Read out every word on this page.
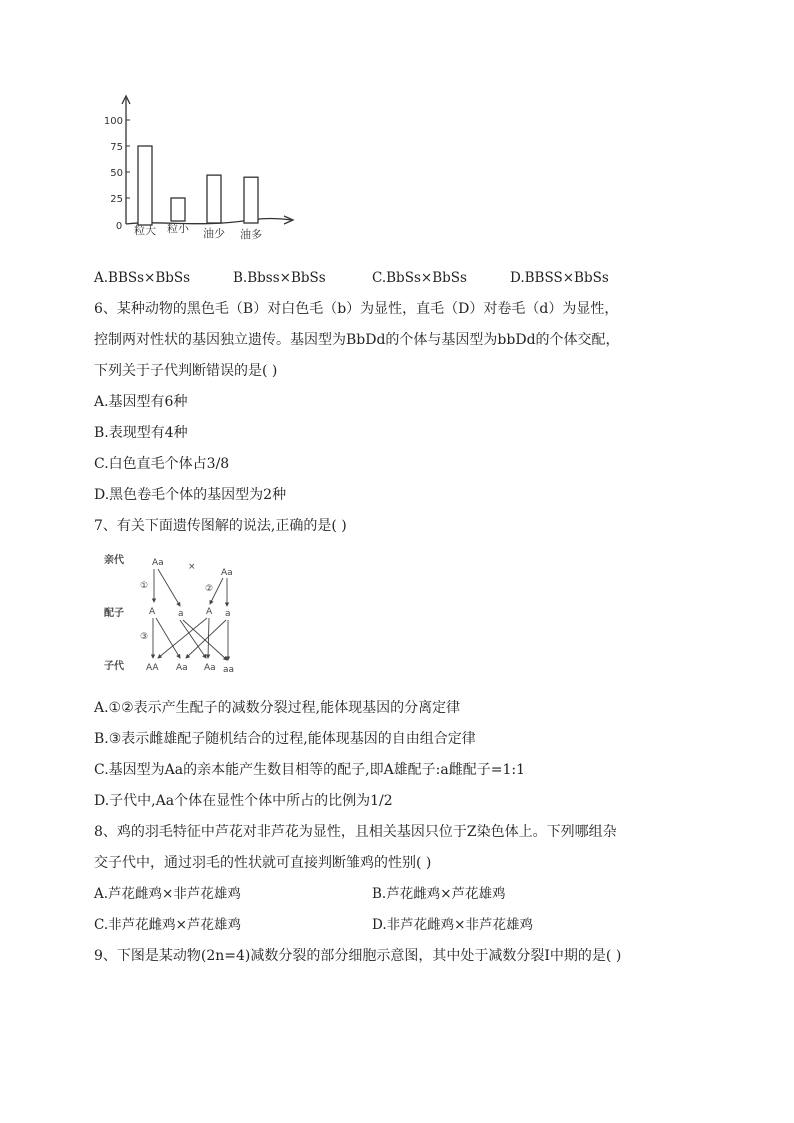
100
75
50
25
粒大 粒小 油少 油多
0
A.BBSs×BbSs	B.Bbss×BbSs	C.BbSs×BbSs	D.BBSS×BbSs
6、某种动物的黑色毛（B）对白色毛（b）为显性，直毛（D）对卷毛（d）为显性，
控制两对性状的基因独立遗传。基因型为BbDd的个体与基因型为bbDd的个体交配，
下列关于子代判断错误的是( )
A.基因型有6种
B.表现型有4种
C.白色直毛个体占3/8
D.黑色卷毛个体的基因型为2种
7、有关下面遗传图解的说法,正确的是( )
亲代
配子
子代
Aa	×
Aa
A	a A a
AA Aa Aa aa
①	②
③
A.①②表示产生配子的减数分裂过程,能体现基因的分离定律
B.③表示雌雄配子随机结合的过程,能体现基因的自由组合定律
C.基因型为Aa的亲本能产生数目相等的配子,即A雄配子:a雌配子=1:1
D.子代中,Aa个体在显性个体中所占的比例为1/2
8、鸡的羽毛特征中芦花对非芦花为显性，且相关基因只位于Z染色体上。下列哪组杂
交子代中，通过羽毛的性状就可直接判断雏鸡的性别( )
A.芦花雌鸡×非芦花雄鸡	B.芦花雌鸡×芦花雄鸡
C.非芦花雌鸡×芦花雄鸡	D.非芦花雌鸡×非芦花雄鸡
9、下图是某动物(2n=4)减数分裂的部分细胞示意图，其中处于减数分裂I中期的是( )
